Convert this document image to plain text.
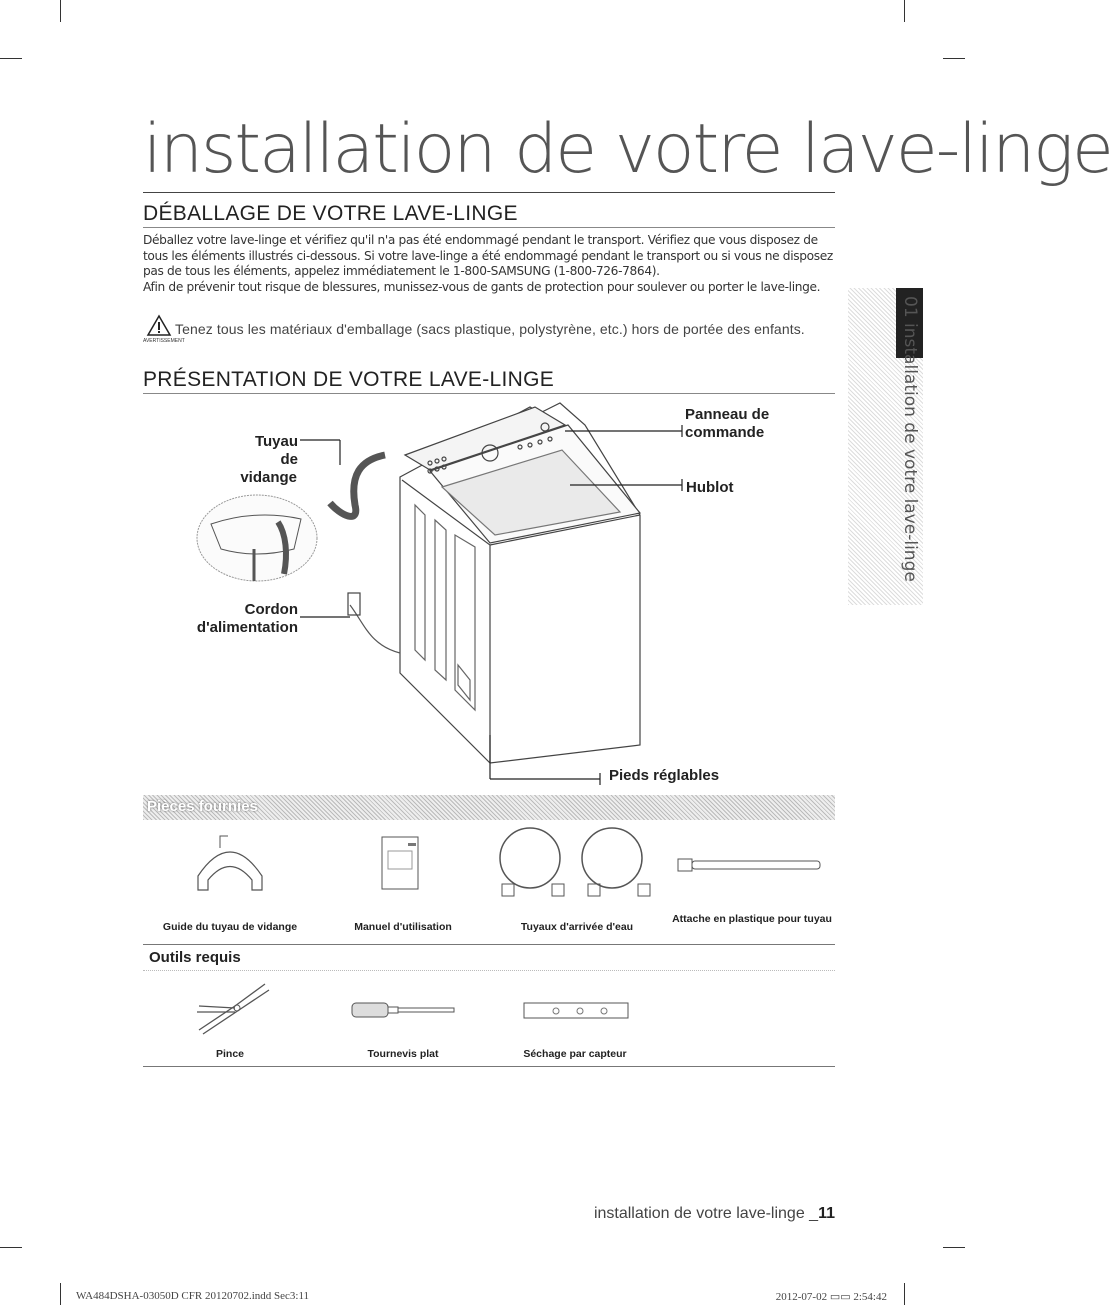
installation de votre lave-linge
DÉBALLAGE DE VOTRE LAVE-LINGE
Déballez votre lave-linge et vérifiez qu'il n'a pas été endommagé pendant le transport. Vérifiez que vous disposez de
tous les éléments illustrés ci-dessous. Si votre lave-linge a été endommagé pendant le transport ou si vous ne disposez
pas de tous les éléments, appelez immédiatement le 1-800-SAMSUNG (1-800-726-7864).
Afin de prévenir tout risque de blessures, munissez-vous de gants de protection pour soulever ou porter le lave-linge.
AVERTISSEMENT
Tenez tous les matériaux d'emballage (sacs plastique, polystyrène, etc.) hors de portée des enfants.
PRÉSENTATION DE VOTRE LAVE-LINGE
Tuyau de
vidange
Cordon
d'alimentation
Panneau de
commande
Hublot
Pieds réglables
01 installation de votre lave-linge
Pièces fournies
Guide du tuyau de vidange	Manuel d'utilisation	Tuyaux d'arrivée d'eau
Attache en plastique pour tuyau
Outils requis
Pince	Tournevis plat	Séchage par capteur
installation de votre lave-linge _11
WA484DSHA-03050D CFR 20120702.indd Sec3:11	2012-07-02 ▭▭ 2:54:42
